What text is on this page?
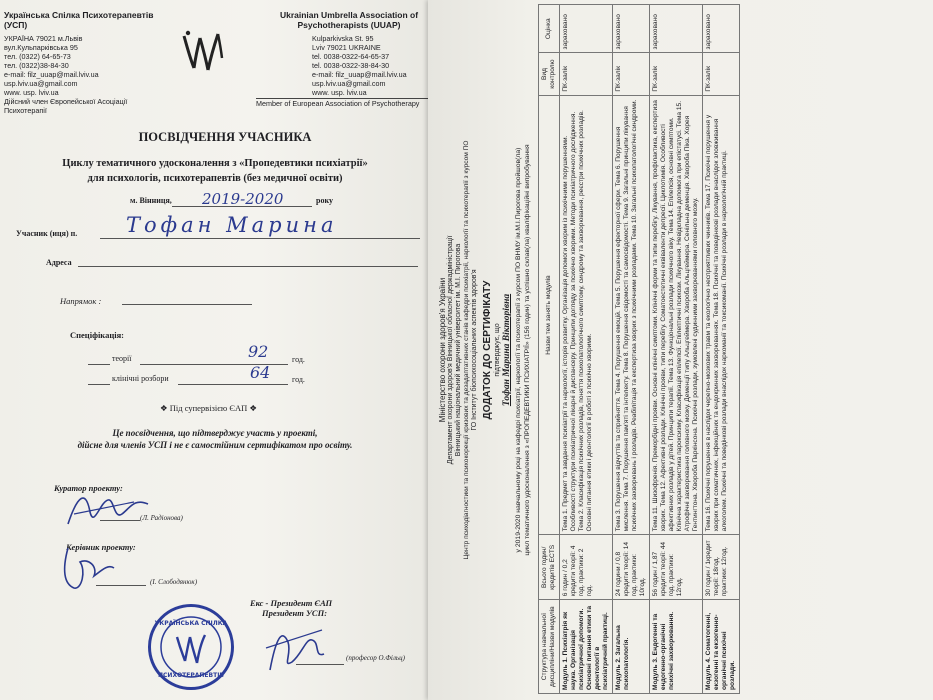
Українська Спілка Психотерапевтів (УСП)
УКРАЇНА 79021 м.Львів
вул.Кульпарківська 95
тел. (0322) 64-65-73
тел. (0322)38-84-30
e-mail: filz_uuap@mail.lviv.ua
usp.lviv.ua@gmail.com
www. usp. lviv.ua
Дійсний член Європейської Асоціації Психотерапії
Ukrainian Umbrella Association of Psychotherapists (UUAP)
Kulparkivska St. 95
Lviv 79021 UKRAINE
tel. 0038-0322-64-65-37
tel. 0038-0322-38-84-30
e-mail: filz_uuap@mail.lviv.ua
usp.lviv.ua@gmail.com
www. usp. lviv.ua
Member of European Association of Psychotherapy
ПОСВІДЧЕННЯ УЧАСНИКА
Циклу тематичного удосконалення з «Пропедевтики психіатрії»
для психологів, психотерапевтів (без медичної освіти)
м. Вінниця, 2019-2020	року
Учасник (иця) п. Тофан Марина
Адреса
Напрямок :
Спеціфікація:
теорії	92	год.
клінічні розбори	64	год.
❖ Під супервізією ЄАП ❖
Це посвідчення, що підтверджує участь у проекті,
дійсне для членів УСП і не є самостійним сертифікатом про освіту.
Куратор проекту:
(Л. Радіонова)
Керівник проекту:
(І. Слободянюк)
Екс - Президент ЄАП
Президент УСП:
УКРАЇНСЬКА СПІЛКА
ПСИХОТЕРАПЕВТІВ
(професор О.Фільц)
Міністерство охорони здоров'я України Департамент охорони здоров'я Вінницької обласної держадміністрації Вінницький національний медичний університет ім. М.І. Пирогова Центр психодіагностики та психокорекції кризових та дезадаптативних станів кафедри психіатрії, наркології та психотерапії з курсом ПО ГО Інститут біопсихосоціальних аспектів здоров'я ДОДАТОК ДО СЕРТИФІКАТУ підтверджує, що Тофан Марина Вікторівна у 2019-2020 навчальному році на кафедрі психіатрії, наркології та психотерапії з курсом ПО ВНМУ ім.М.І.Пирогова пройшов(ла) цикл тематичного удосконалення з «ПРОПЕДЕВТИКИ ПСИХІАТРІЇ» (156 годин) та успішно склав(ла) кваліфікаційні випробування
Структура навчальної дисципліни/Назви модулів	Всього годин/ кредитів ECTS	Назви тем занять модулів	Вид контролю	Оцінка
Модуль 1. Психіатрія як наука. Організація психіатричної допомоги. Основні питання етики та деонтології в психіатричній практиці.	6 годин / 0,2 кредити теорії: 4 год. практики: 2 год.	Тема 1. Предмет та завдання психіатрії та наркології, історія розвитку. Організація допомоги хворим із психічними порушеннями. Особливості структури психіатричної лікарні й диспансеру. Принципи догляду за психічно хворими. Методи психіатричного дослідження. Тема 2. Класифікація психічних розладів, поняття психопатологічного симптому, синдрому та захворювання, реєстри психічних розладів. Основні питання етики і деонтології в роботі з психічно хворими.	ПК-залік	зараховано
Модуль 2. Загальна психопатологія.	24 години / 0,8 кредити теорії: 14 год. практики: 10год.	Тема 3. Порушення відчуттів та сприйняття. Тема 4. Порушення емоцій. Тема 5. Порушення ефекторної сфери. Тема 6. Порушення мислення. Тема 7. Порушення пам'яті та інтелекту. Тема 8. Порушення свідомості та самосвідомості. Тема 9. Загальні принципи лікування психічних захворювань і розладів. Реабілітація та експертиза хворих з психічними розладами. Тема 10. Загальні психопатологічні синдроми.	ПК-залік	зараховано
Модуль 3. Ендогенні та ендогенно-органічні психічні захворювання.	56 годин / 1,87 кредити теорії: 44 год. практики: 12год.	Тема 11. Шизофренія. Преморбідні прояви. Основні клінічні симптоми. Клінічні форми та типи перебігу. Лікування, профілактика, експертиза хворих. Тема 12. Афективні розлади. Клінічні прояви, типи перебігу. Соматоестетичні еквіваленти депресії. Циклотимія. Особливості афективних розладів у дітей. Принципи терапії. Тема 13. Функціональні розлади психічного віку. Тема 14. Епілепсія, основні симптоми. Клінічна характеристика пароксизму. Класифікація епілепсії. Епілептичні психози. Лікування. Невідкладна допомога при епістатусі. Тема 15. Атрофічні захворювання головного мозку. Деменції типу Альцгеймера. Хвороба Альцгеймера. Сенільна деменція. Хвороба Піка. Хорея Гентингтона. Хвороба Паркінсона. Психічні розлади, зумовлені судинними захворюваннями головного мозку.	ПК-залік	зараховано
Модуль 4. Соматогенні, екзогенні та екзогенно-органічні психічні розлади.	30 годин / 1кредит теорії: 18год. практики: 12год.	Тема 16. Психічні порушення в наслідок черепно-мозкових травм та екологічно несприятливих чинників. Тема 17. Психічні порушення у хворих при соматичних, інфекційних та ендокринних захворюваннях. Тема 18. Психічні та поведінкові розлади внаслідок зловживання алкоголем. Психічні та поведінкові розлади внаслідок наркоманії та токсикоманії. Психічні розлади в наркологічній практиці.	ПК-залік	зараховано
